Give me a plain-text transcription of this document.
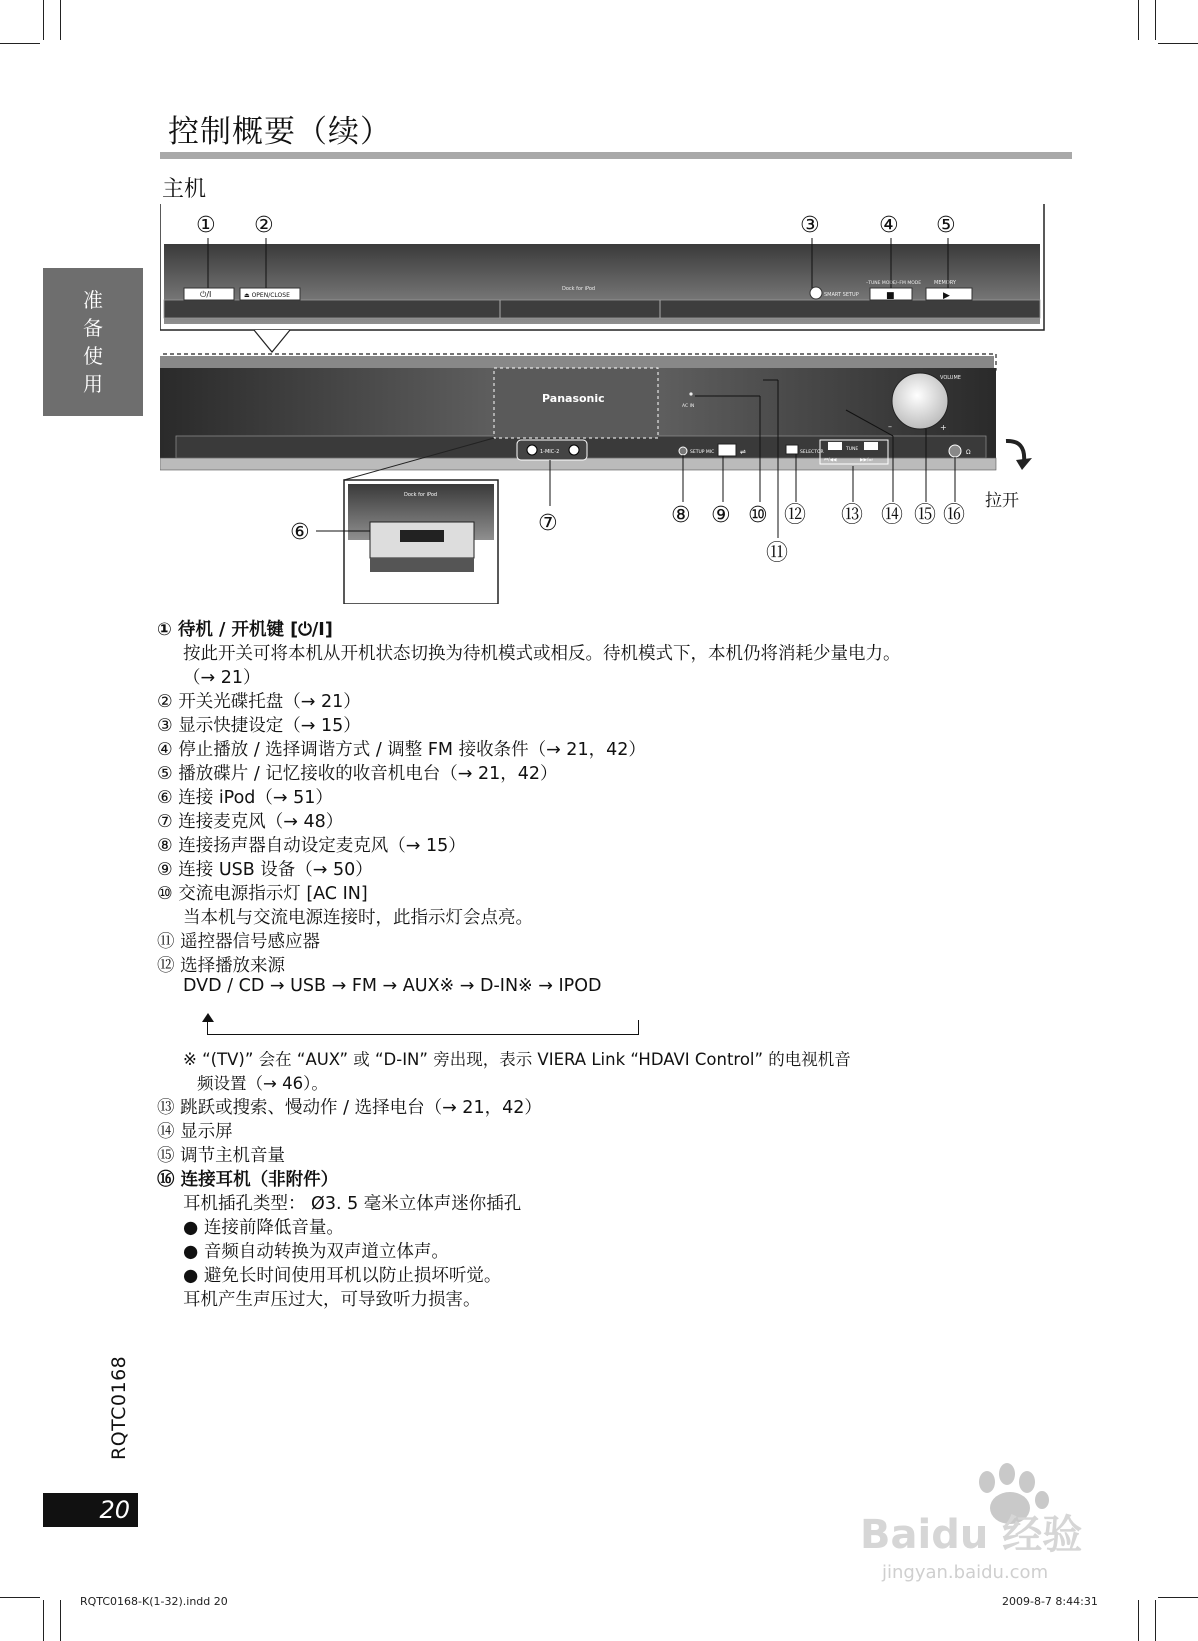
控制概要（续）
主机
准
备
使
用
⏻/I	⏏ OPEN/CLOSE
Dock for iPod
SMART SETUP
–TUNE MODE/–FM MODE
■
MEMORY
▶
Panasonic
AC IN
VOLUME
–	+
1-MIC-2	SETUP MIC	⇌	SELECTOR
TUNE
⏮/◀◀	▶▶/⏭
Ω
拉开
Dock for iPod
① ②	③	④ ⑤
⑥	⑦	⑧ ⑨ ⑩
⑪
⑫ ⑬ ⑭ ⑮ ⑯
① 待机 / 开机键 [⏻/I]
按此开关可将本机从开机状态切换为待机模式或相反。待机模式下，本机仍将消耗少量电力。
（→ 21）
② 开关光碟托盘（→ 21）
③ 显示快捷设定（→ 15）
④ 停止播放 / 选择调谐方式 / 调整 FM 接收条件（→ 21，42）
⑤ 播放碟片 / 记忆接收的收音机电台（→ 21，42）
⑥ 连接 iPod（→ 51）
⑦ 连接麦克风（→ 48）
⑧ 连接扬声器自动设定麦克风（→ 15）
⑨ 连接 USB 设备（→ 50）
⑩ 交流电源指示灯 [AC IN]
当本机与交流电源连接时，此指示灯会点亮。
⑪ 遥控器信号感应器
⑫ 选择播放来源
DVD / CD → USB → FM → AUX※ → D-IN※ → IPOD
※ “(TV)” 会在 “AUX” 或 “D-IN” 旁出现，表示 VIERA Link “HDAVI Control” 的电视机音
频设置（→ 46）。
⑬ 跳跃或搜索、慢动作 / 选择电台（→ 21，42）
⑭ 显示屏
⑮ 调节主机音量
⑯ 连接耳机（非附件）
耳机插孔类型： Ø3. 5 毫米立体声迷你插孔
● 连接前降低音量。
● 音频自动转换为双声道立体声。
● 避免长时间使用耳机以防止损坏听觉。
耳机产生声压过大，可导致听力损害。
RQTC0168
20
RQTC0168-K(1-32).indd 20	2009-8-7 8:44:31
Baidu 经验
jingyan.baidu.com
